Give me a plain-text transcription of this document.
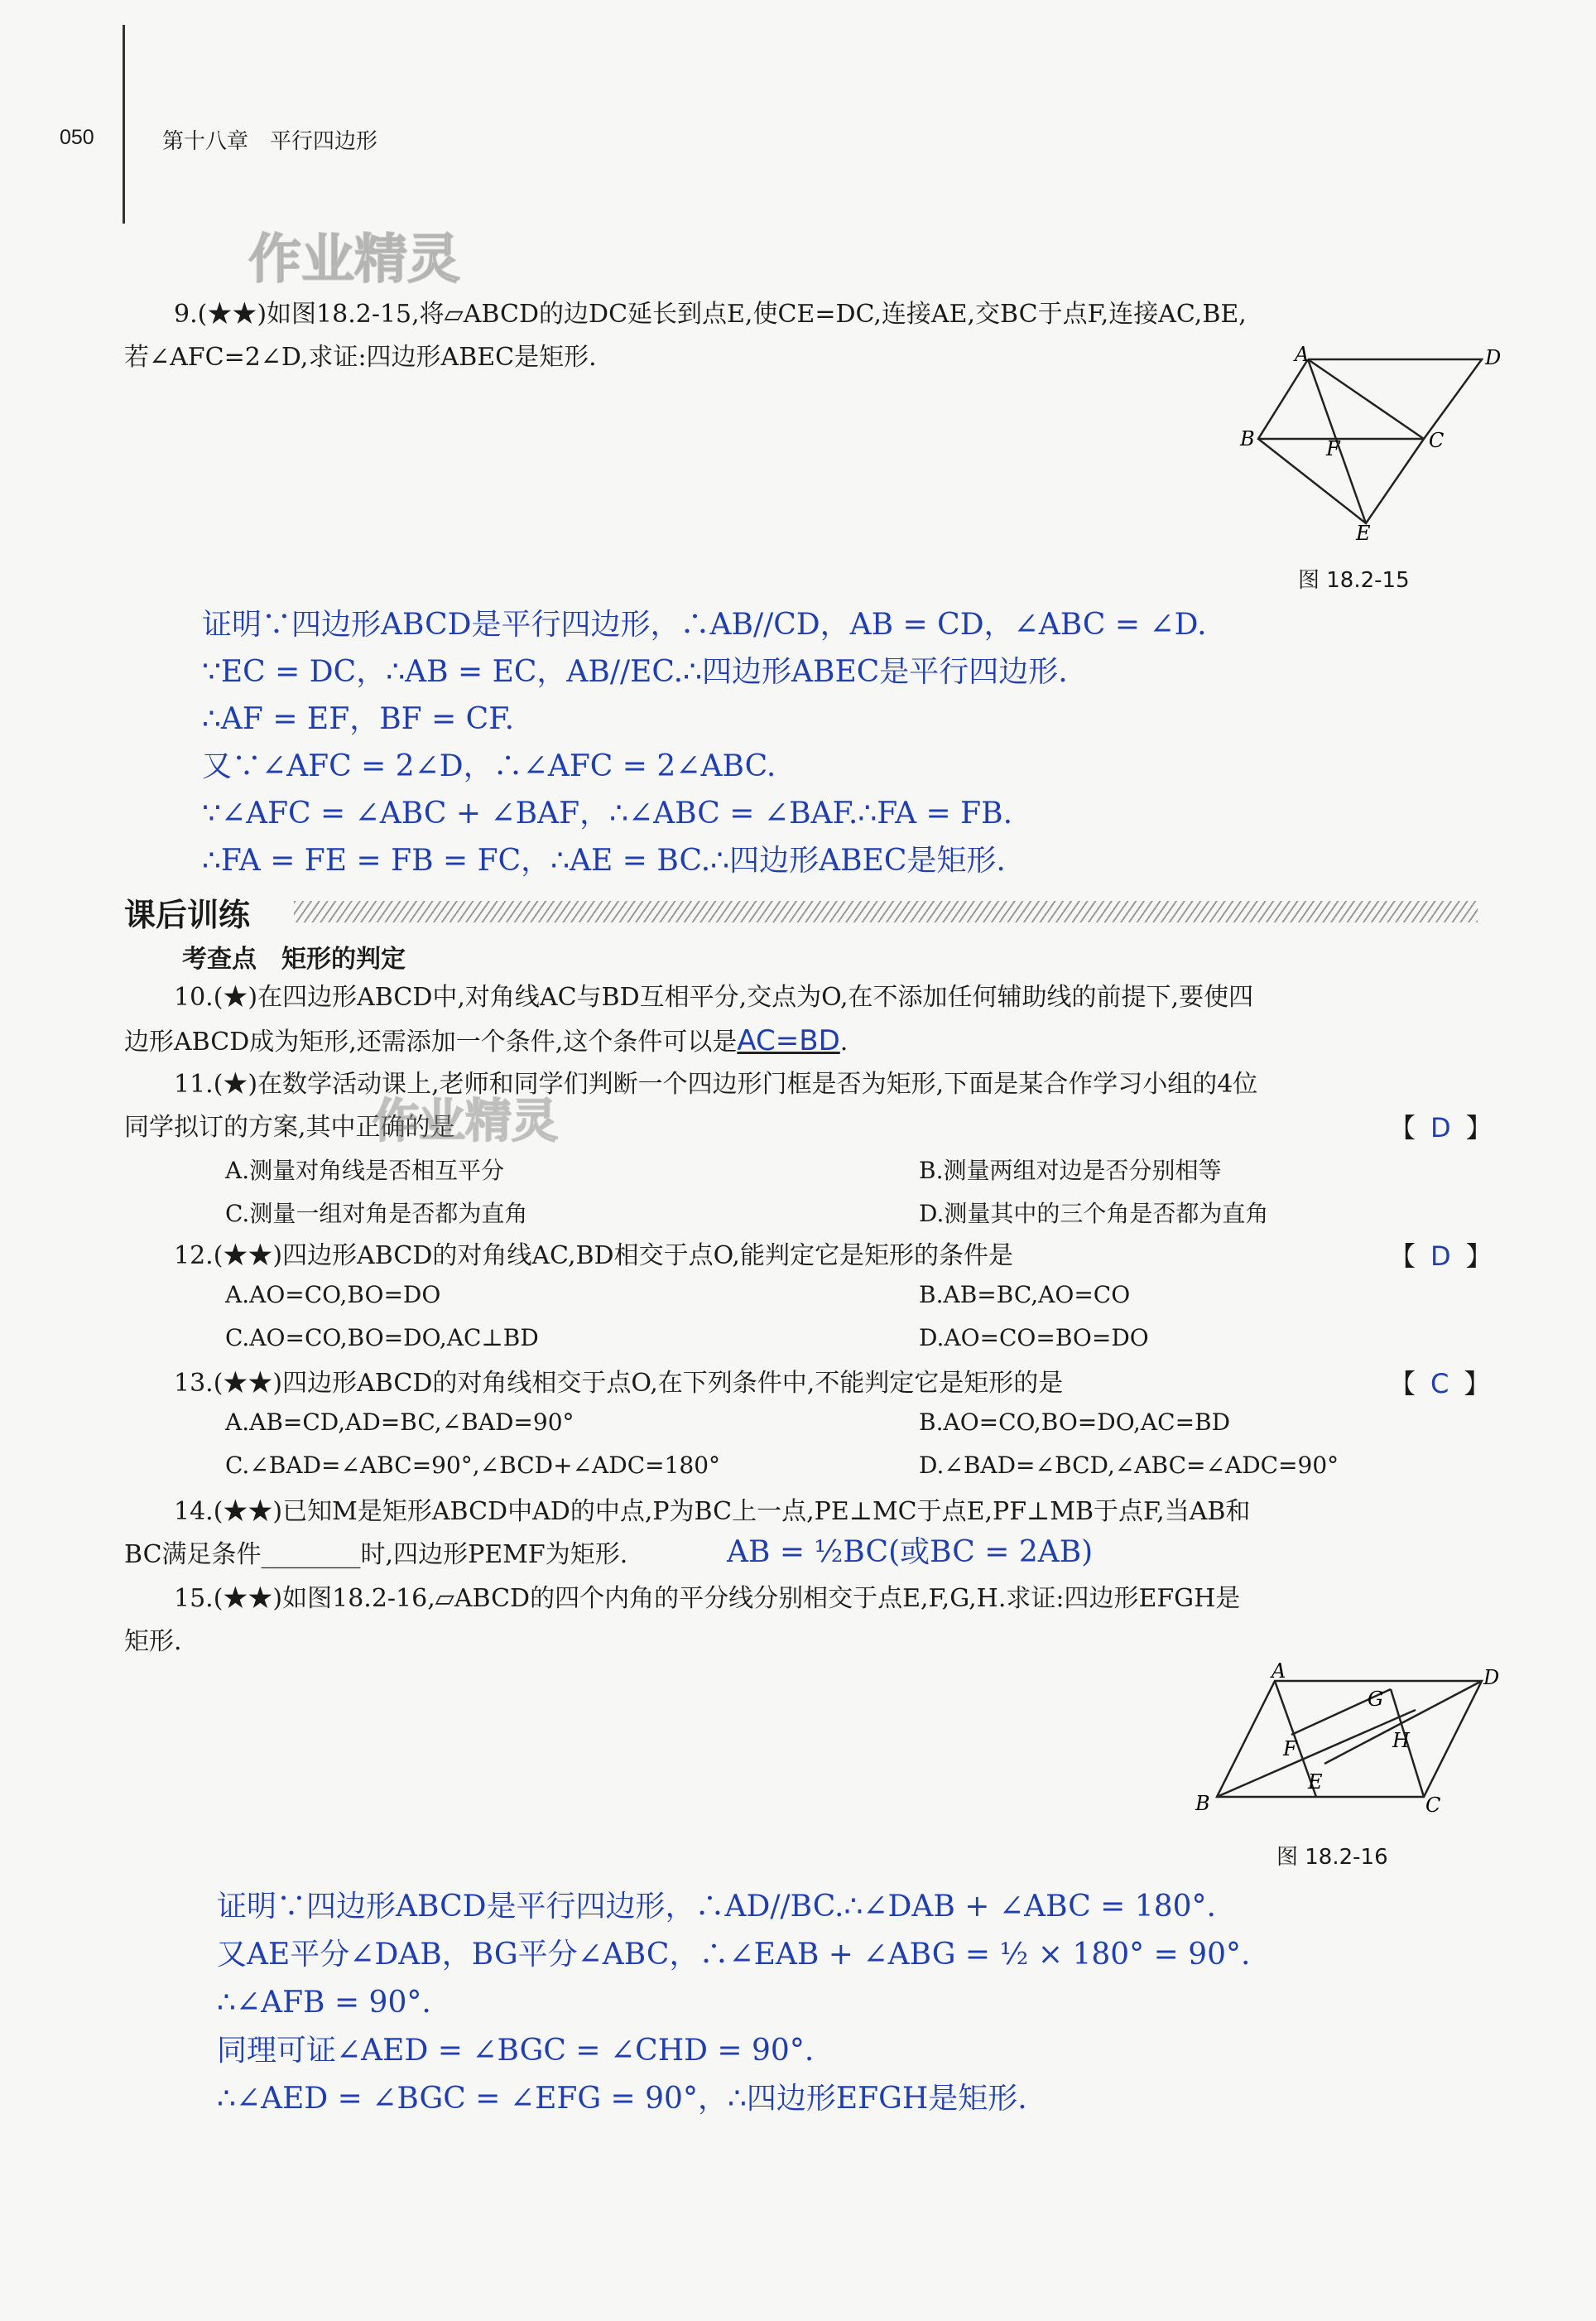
050	第十八章　平行四边形
作业精灵
9.(★★)如图18.2-15,将▱ABCD的边DC延长到点E,使CE=DC,连接AE,交BC于点F,连接AC,BE,
若∠AFC=2∠D,求证:四边形ABEC是矩形.	A	D
B	F	C
E
图 18.2-15
证明∵四边形ABCD是平行四边形，∴AB//CD，AB = CD，∠ABC = ∠D.
∵EC = DC，∴AB = EC，AB//EC.∴四边形ABEC是平行四边形.
∴AF = EF，BF = CF.
又∵∠AFC = 2∠D，∴∠AFC = 2∠ABC.
∵∠AFC = ∠ABC + ∠BAF，∴∠ABC = ∠BAF.∴FA = FB.
∴FA = FE = FB = FC，∴AE = BC.∴四边形ABEC是矩形.
课后训练
考查点　矩形的判定
10.(★)在四边形ABCD中,对角线AC与BD互相平分,交点为O,在不添加任何辅助线的前提下,要使四
边形ABCD成为矩形,还需添加一个条件,这个条件可以是AC=BD.
11.(★)在数学活动课上,老师和同学们判断一个四边形门框是否为矩形,下面是某合作学习小组的4位
同学拟订的方案,其中正确的是
作业精灵	【 D 】
A.测量对角线是否相互平分	B.测量两组对边是否分别相等
C.测量一组对角是否都为直角	D.测量其中的三个角是否都为直角
12.(★★)四边形ABCD的对角线AC,BD相交于点O,能判定它是矩形的条件是	【 D 】
A.AO=CO,BO=DO	B.AB=BC,AO=CO
C.AO=CO,BO=DO,AC⊥BD	D.AO=CO=BO=DO
13.(★★)四边形ABCD的对角线相交于点O,在下列条件中,不能判定它是矩形的是	【 C 】
A.AB=CD,AD=BC,∠BAD=90°	B.AO=CO,BO=DO,AC=BD
C.∠BAD=∠ABC=90°,∠BCD+∠ADC=180°	D.∠BAD=∠BCD,∠ABC=∠ADC=90°
14.(★★)已知M是矩形ABCD中AD的中点,P为BC上一点,PE⊥MC于点E,PF⊥MB于点F,当AB和
BC满足条件________时,四边形PEMF为矩形.	AB = ½BC(或BC = 2AB)
15.(★★)如图18.2-16,▱ABCD的四个内角的平分线分别相交于点E,F,G,H.求证:四边形EFGH是
矩形.
A	D
G
F	H
B
E
C
图 18.2-16
证明∵四边形ABCD是平行四边形，∴AD//BC.∴∠DAB + ∠ABC = 180°.
又AE平分∠DAB，BG平分∠ABC，∴∠EAB + ∠ABG = ½ × 180° = 90°.
∴∠AFB = 90°.
同理可证∠AED = ∠BGC = ∠CHD = 90°.
∴∠AED = ∠BGC = ∠EFG = 90°，∴四边形EFGH是矩形.
